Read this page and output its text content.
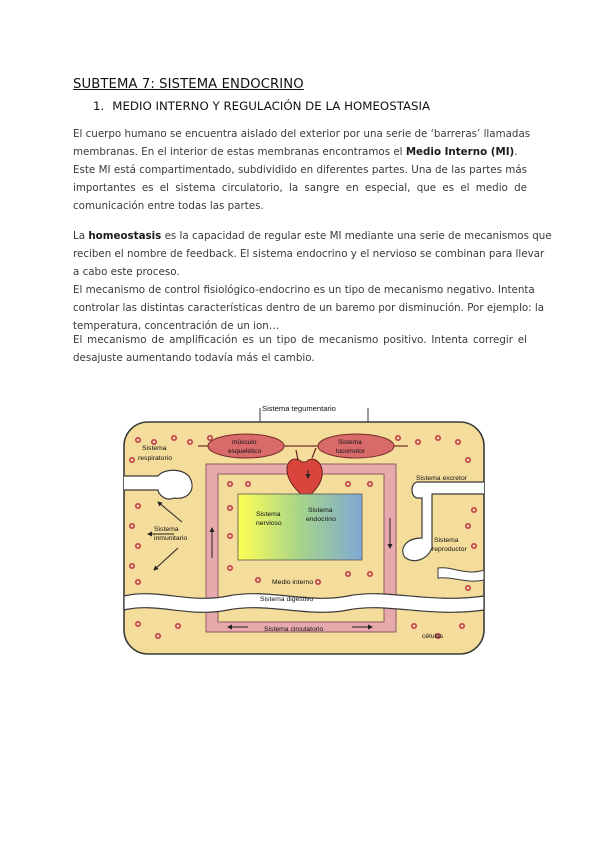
SUBTEMA 7: SISTEMA ENDOCRINO
1. MEDIO INTERNO Y REGULACIÓN DE LA HOMEOSTASIA
El cuerpo humano se encuentra aislado del exterior por una serie de ‘barreras’ llamadas
membranas. En el interior de estas membranas encontramos el Medio Interno (MI).
Este MI está compartimentado, subdividido en diferentes partes. Una de las partes más
importantes es el sistema circulatorio, la sangre en especial, que es el medio de
comunicación entre todas las partes.
La homeostasis es la capacidad de regular este MI mediante una serie de mecanismos que
reciben el nombre de feedback. El sistema endocrino y el nervioso se combinan para llevar
a cabo este proceso.
El mecanismo de control fisiológico-endocrino es un tipo de mecanismo negativo. Intenta
controlar las distintas características dentro de un baremo por disminución. Por ejemplo: la
temperatura, concentración de un ion…
El mecanismo de amplificación es un tipo de mecanismo positivo. Intenta corregir el
desajuste aumentando todavía más el cambio.
Sistema tegumentario
músculo
esquelético
Sistema
locomotor
Sistema
respiratorio
Sistema excretor
Sistema
nervioso
Sistema
endocrino
Sistema
inmunitario	Sistema
reproductor
Medio interno
Sistema digestivo
Sistema circulatorio
células
